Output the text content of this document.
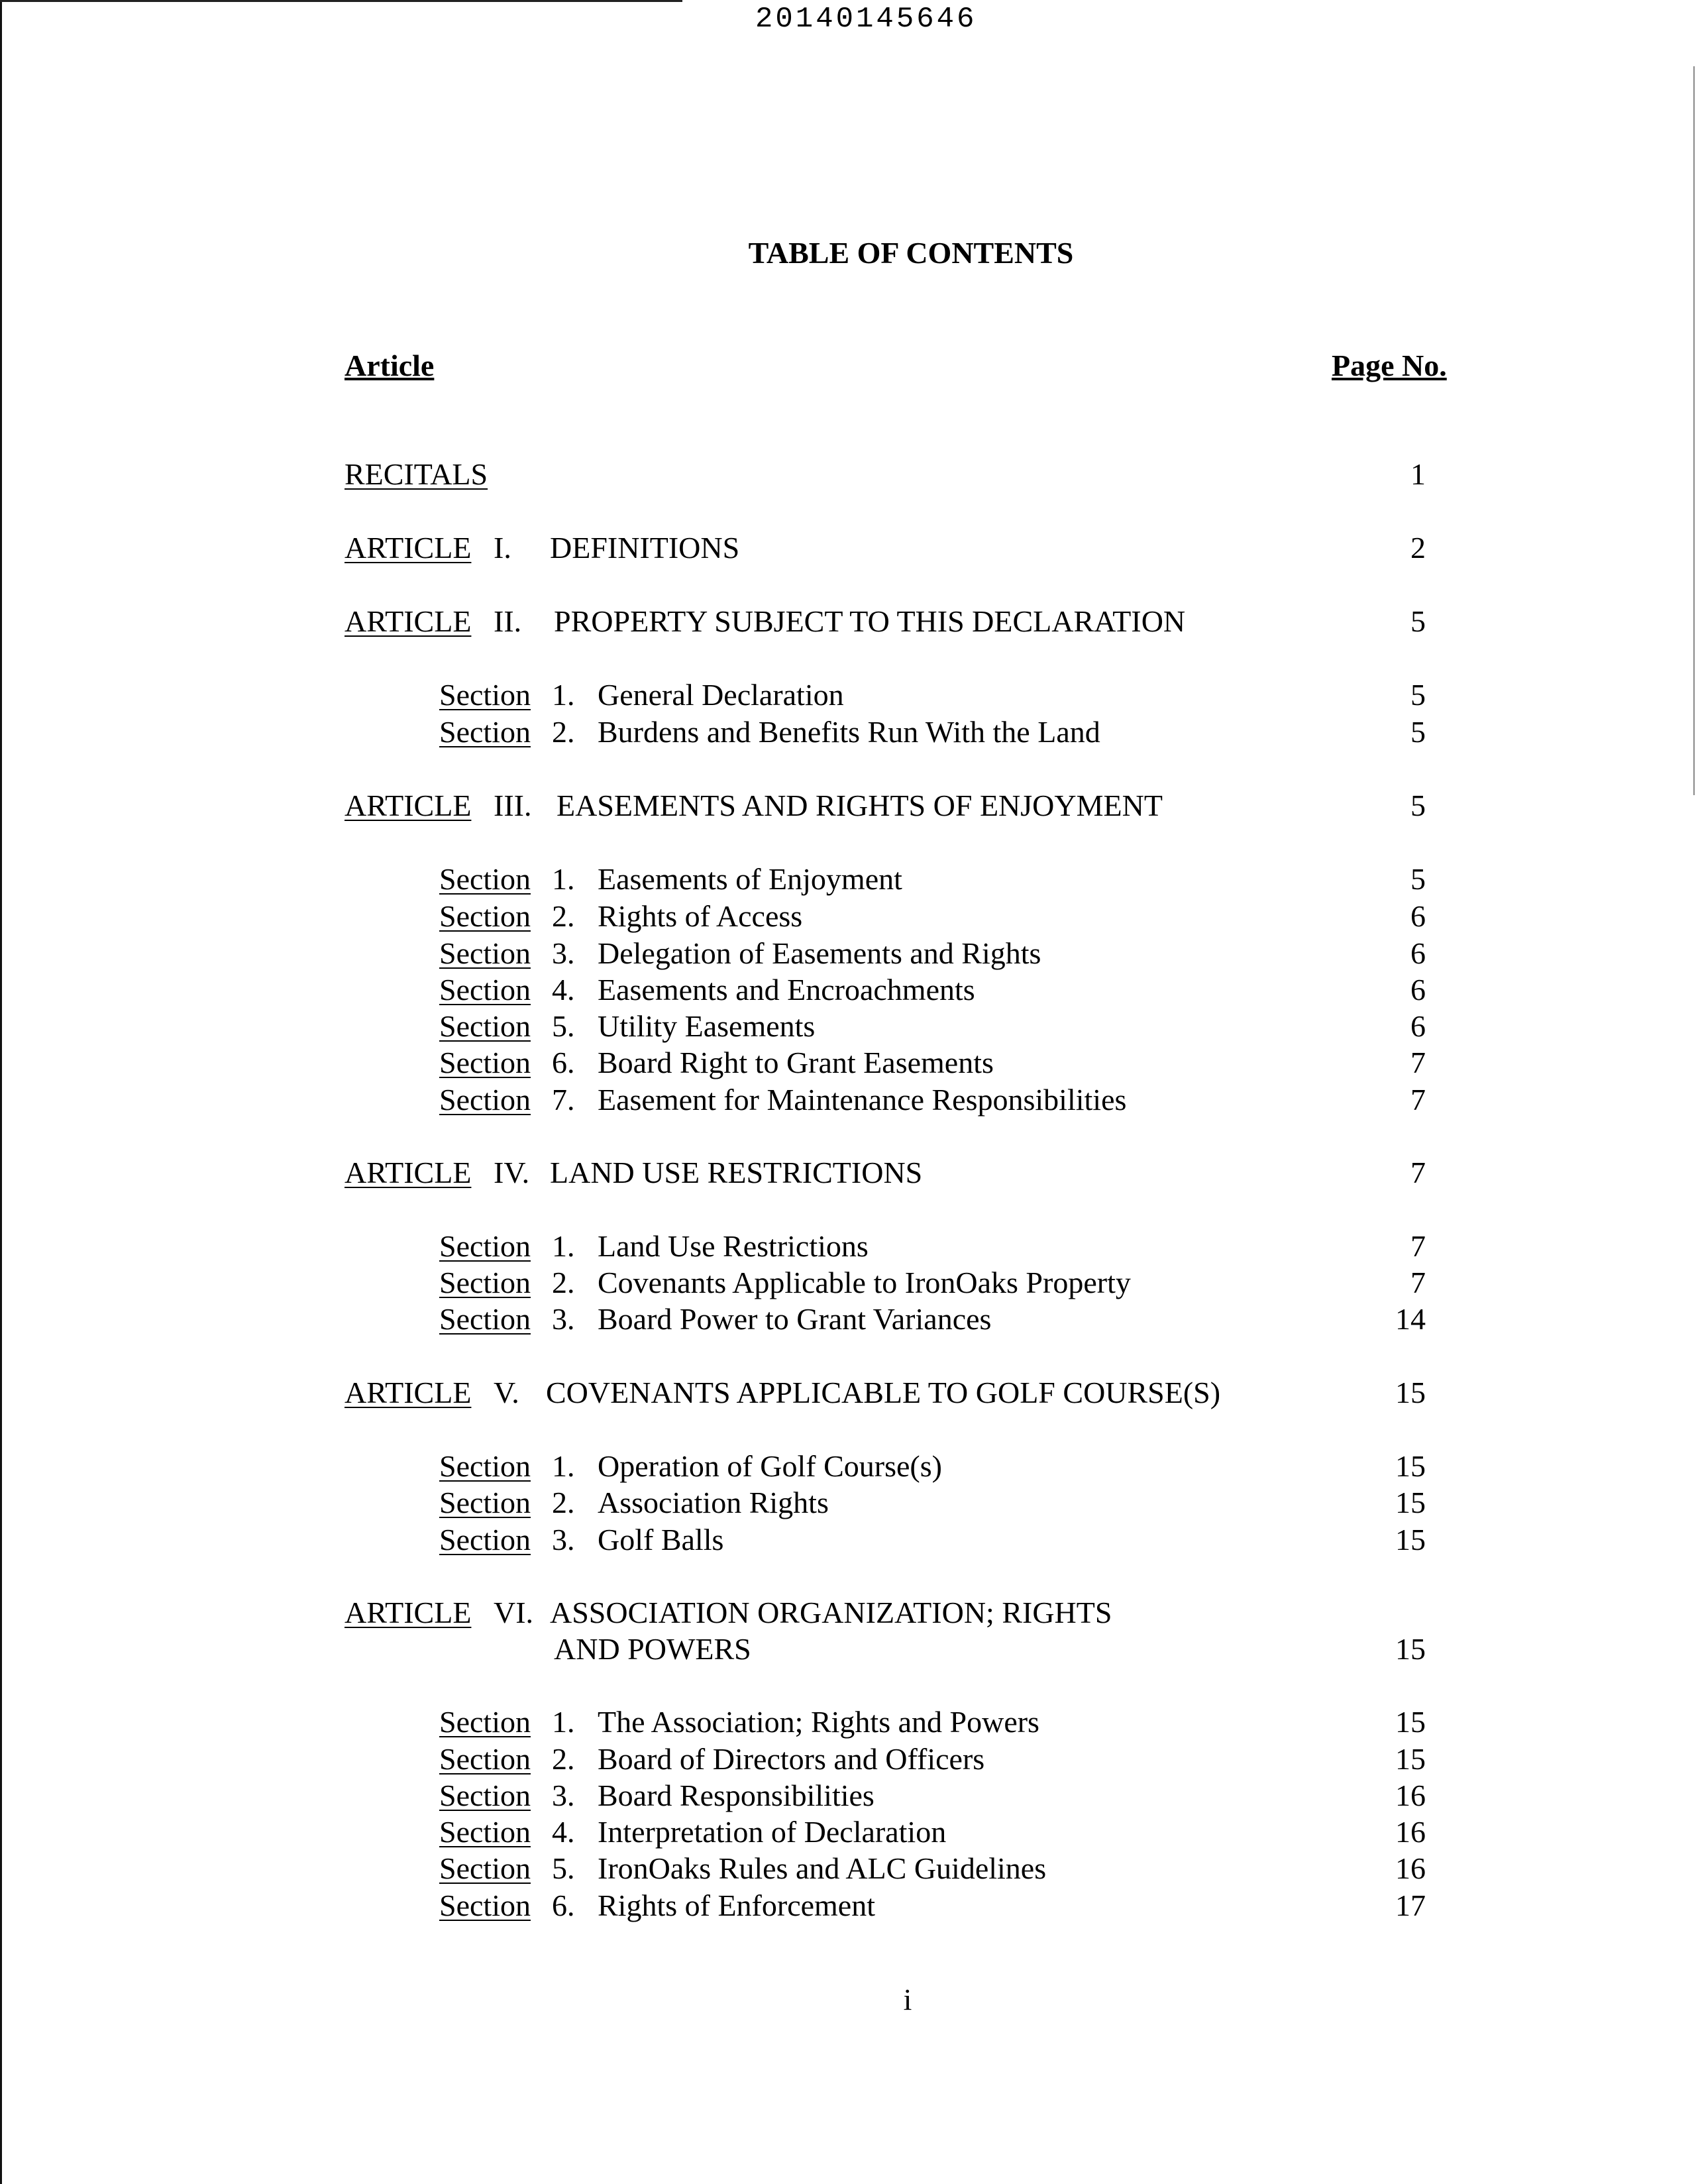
20140145646
TABLE OF CONTENTS
Article	Page No.
RECITALS	1
ARTICLE I. DEFINITIONS	2
ARTICLE II. PROPERTY SUBJECT TO THIS DECLARATION	5
Section 1. General Declaration	5
Section 2. Burdens and Benefits Run With the Land	5
ARTICLE III. EASEMENTS AND RIGHTS OF ENJOYMENT	5
Section 1. Easements of Enjoyment	5
Section 2. Rights of Access	6
Section 3. Delegation of Easements and Rights	6
Section 4. Easements and Encroachments	6
Section 5. Utility Easements	6
Section 6. Board Right to Grant Easements	7
Section 7. Easement for Maintenance Responsibilities	7
ARTICLE IV. LAND USE RESTRICTIONS	7
Section 1. Land Use Restrictions	7
Section 2. Covenants Applicable to IronOaks Property	7
Section 3. Board Power to Grant Variances	14
ARTICLE V. COVENANTS APPLICABLE TO GOLF COURSE(S)	15
Section 1. Operation of Golf Course(s)	15
Section 2. Association Rights	15
Section 3. Golf Balls	15
ARTICLE VI. ASSOCIATION ORGANIZATION; RIGHTS
AND POWERS	15
Section 1. The Association; Rights and Powers	15
Section 2. Board of Directors and Officers	15
Section 3. Board Responsibilities	16
Section 4. Interpretation of Declaration	16
Section 5. IronOaks Rules and ALC Guidelines	16
Section 6. Rights of Enforcement	17
i
